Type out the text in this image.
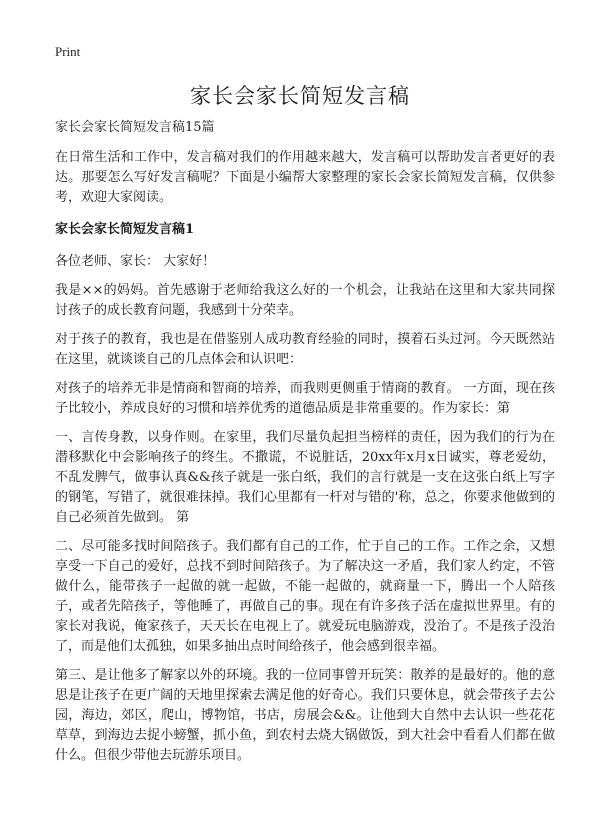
Print
家长会家长简短发言稿
家长会家长简短发言稿15篇

在日常生活和工作中，发言稿对我们的作用越来越大，发言稿可以帮助发言者更好的表达。那要怎么写好发言稿呢？下面是小编帮大家整理的家长会家长简短发言稿，仅供参考，欢迎大家阅读。

家长会家长简短发言稿1

各位老师、家长： 大家好！

我是××的妈妈。首先感谢于老师给我这么好的一个机会，让我站在这里和大家共同探讨孩子的成长教育问题，我感到十分荣幸。

对于孩子的教育，我也是在借鉴别人成功教育经验的同时，摸着石头过河。今天既然站在这里，就谈谈自己的几点体会和认识吧：

对孩子的培养无非是情商和智商的培养，而我则更侧重于情商的教育。 一方面，现在孩子比较小，养成良好的习惯和培养优秀的道德品质是非常重要的。作为家长：第

一、言传身教，以身作则。在家里，我们尽量负起担当榜样的责任，因为我们的行为在潜移默化中会影响孩子的终生。不撒谎，不说脏话，20xx年x月x日诚实，尊老爱幼，不乱发脾气，做事认真&&孩子就是一张白纸，我们的言行就是一支在这张白纸上写字的钢笔，写错了，就很难抹掉。我们心里都有一杆对与错的'称，总之，你要求他做到的自己必须首先做到。 第

二、尽可能多找时间陪孩子。我们都有自己的工作，忙于自己的工作。工作之余，又想享受一下自己的爱好，总找不到时间陪孩子。为了解决这一矛盾，我们家人约定，不管做什么，能带孩子一起做的就一起做，不能一起做的，就商量一下，腾出一个人陪孩子，或者先陪孩子，等他睡了，再做自己的事。现在有许多孩子活在虚拟世界里。有的家长对我说，俺家孩子，天天长在电视上了。就爱玩电脑游戏，没治了。不是孩子没治了，而是他们太孤独，如果多抽出点时间给孩子，他会感到很幸福。

第三、是让他多了解家以外的环境。我的一位同事曾开玩笑：散养的是最好的。他的意思是让孩子在更广阔的天地里探索去满足他的好奇心。我们只要休息，就会带孩子去公园，海边，郊区，爬山，博物馆，书店，房展会&&。让他到大自然中去认识一些花花草草，到海边去捉小螃蟹，抓小鱼，到农村去烧大锅做饭，到大社会中看看人们都在做什么。但很少带他去玩游乐项目。
